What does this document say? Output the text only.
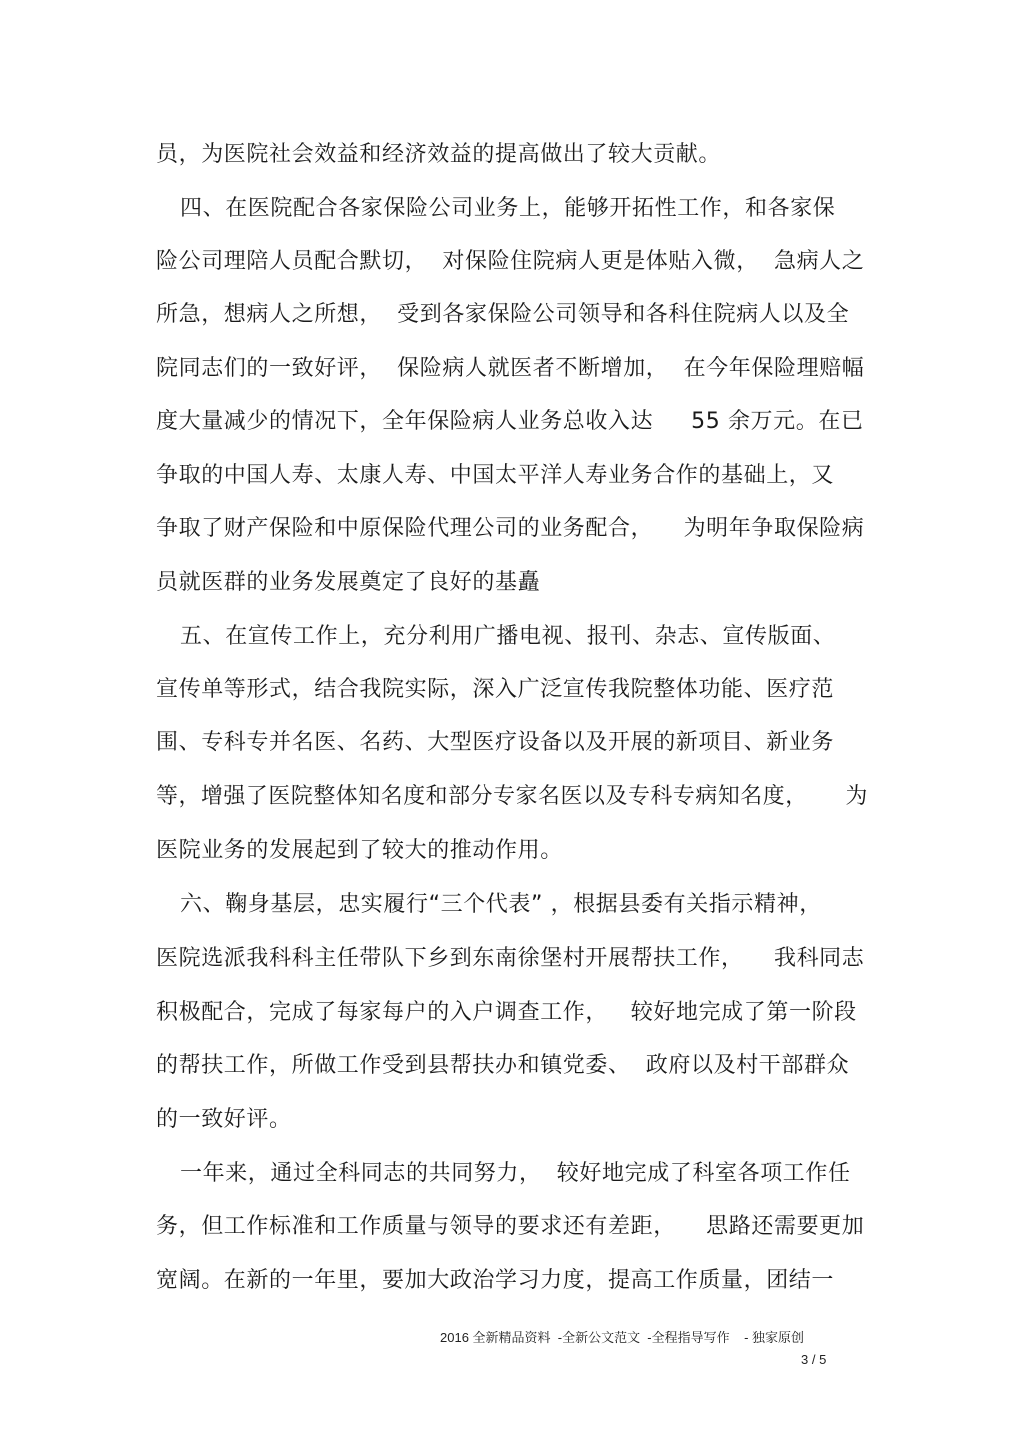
员，为医院社会效益和经济效益的提高做出了较大贡献。
四、在医院配合各家保险公司业务上，能够开拓性工作，和各家保
险公司理陪人员配合默切，  对保险住院病人更是体贴入微，  急病人之
所急，想病人之所想，  受到各家保险公司领导和各科住院病人以及全
院同志们的一致好评，  保险病人就医者不断增加，  在今年保险理赔幅
度大量减少的情况下，全年保险病人业务总收入达     55 余万元。在已
争取的中国人寿、太康人寿、中国太平洋人寿业务合作的基础上，又
争取了财产保险和中原保险代理公司的业务配合，    为明年争取保险病
员就医群的业务发展奠定了良好的基矗
五、在宣传工作上，充分利用广播电视、报刊、杂志、宣传版面、
宣传单等形式，结合我院实际，深入广泛宣传我院整体功能、医疗范
围、专科专并名医、名药、大型医疗设备以及开展的新项目、新业务
等，增强了医院整体知名度和部分专家名医以及专科专病知名度，     为
医院业务的发展起到了较大的推动作用。
六、鞠身基层，忠实履行“三个代表” ，根据县委有关指示精神，
医院选派我科科主任带队下乡到东南徐堡村开展帮扶工作，    我科同志
积极配合，完成了每家每户的入户调查工作，   较好地完成了第一阶段
的帮扶工作，所做工作受到县帮扶办和镇党委、  政府以及村干部群众
的一致好评。
一年来，通过全科同志的共同努力，  较好地完成了科室各项工作任
务，但工作标准和工作质量与领导的要求还有差距，    思路还需要更加
宽阔。在新的一年里，要加大政治学习力度，提高工作质量，团结一
2016 全新精品资料  -全新公文范文  -全程指导写作    - 独家原创
3 / 5
